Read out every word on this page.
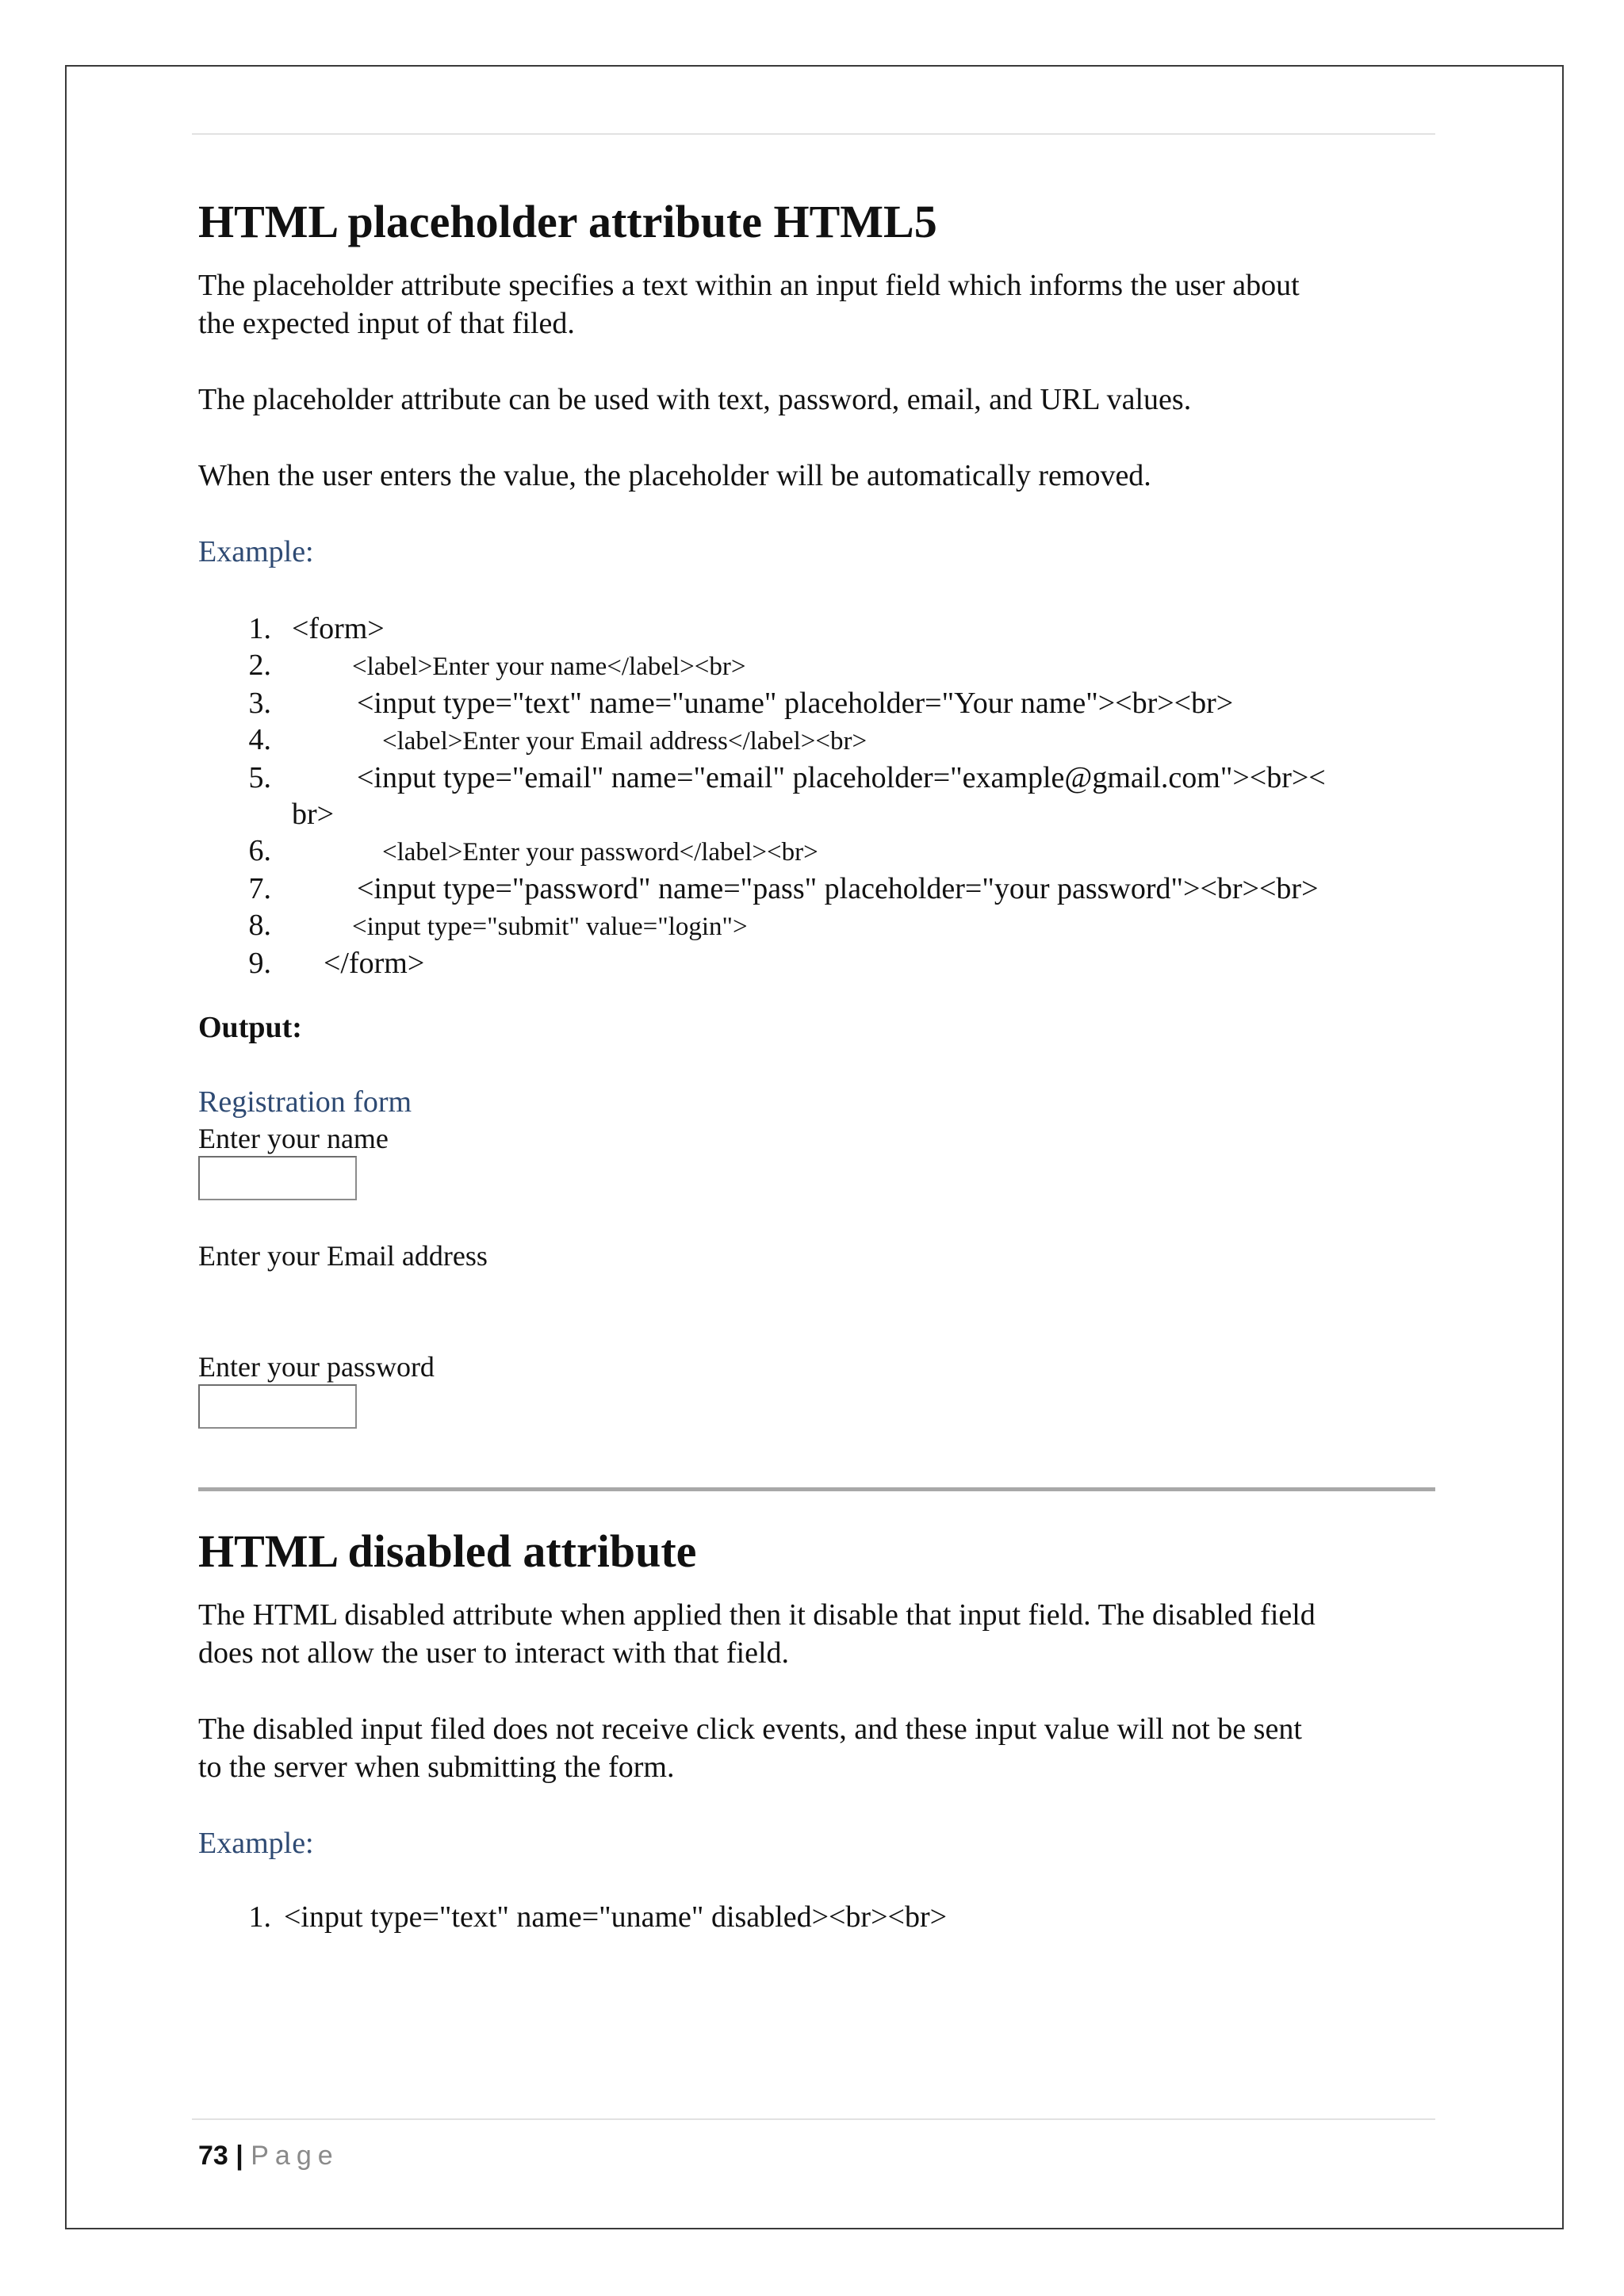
HTML placeholder attribute HTML5

The placeholder attribute specifies a text within an input field which informs the user about

the expected input of that filed.

The placeholder attribute can be used with text, password, email, and URL values.

When the user enters the value, the placeholder will be automatically removed.

Example:

1. <form>
2.	<label>Enter your name</label><br>
3.	<input type="text" name="uname" placeholder="Your name"><br><br>
4.	<label>Enter your Email address</label><br>
5.	<input type="email" name="email" placeholder="example@gmail.com"><br><
br>
6.	<label>Enter your password</label><br>
7.	<input type="password" name="pass" placeholder="your password"><br><br>
8.	<input type="submit" value="login">
9.	</form>

Output:

Registration form

Enter your name

Enter your Email address

Enter your password

HTML disabled attribute

The HTML disabled attribute when applied then it disable that input field. The disabled field

does not allow the user to interact with that field.

The disabled input filed does not receive click events, and these input value will not be sent

to the server when submitting the form.

Example:

1. <input type="text" name="uname" disabled><br><br>
73 | Page
